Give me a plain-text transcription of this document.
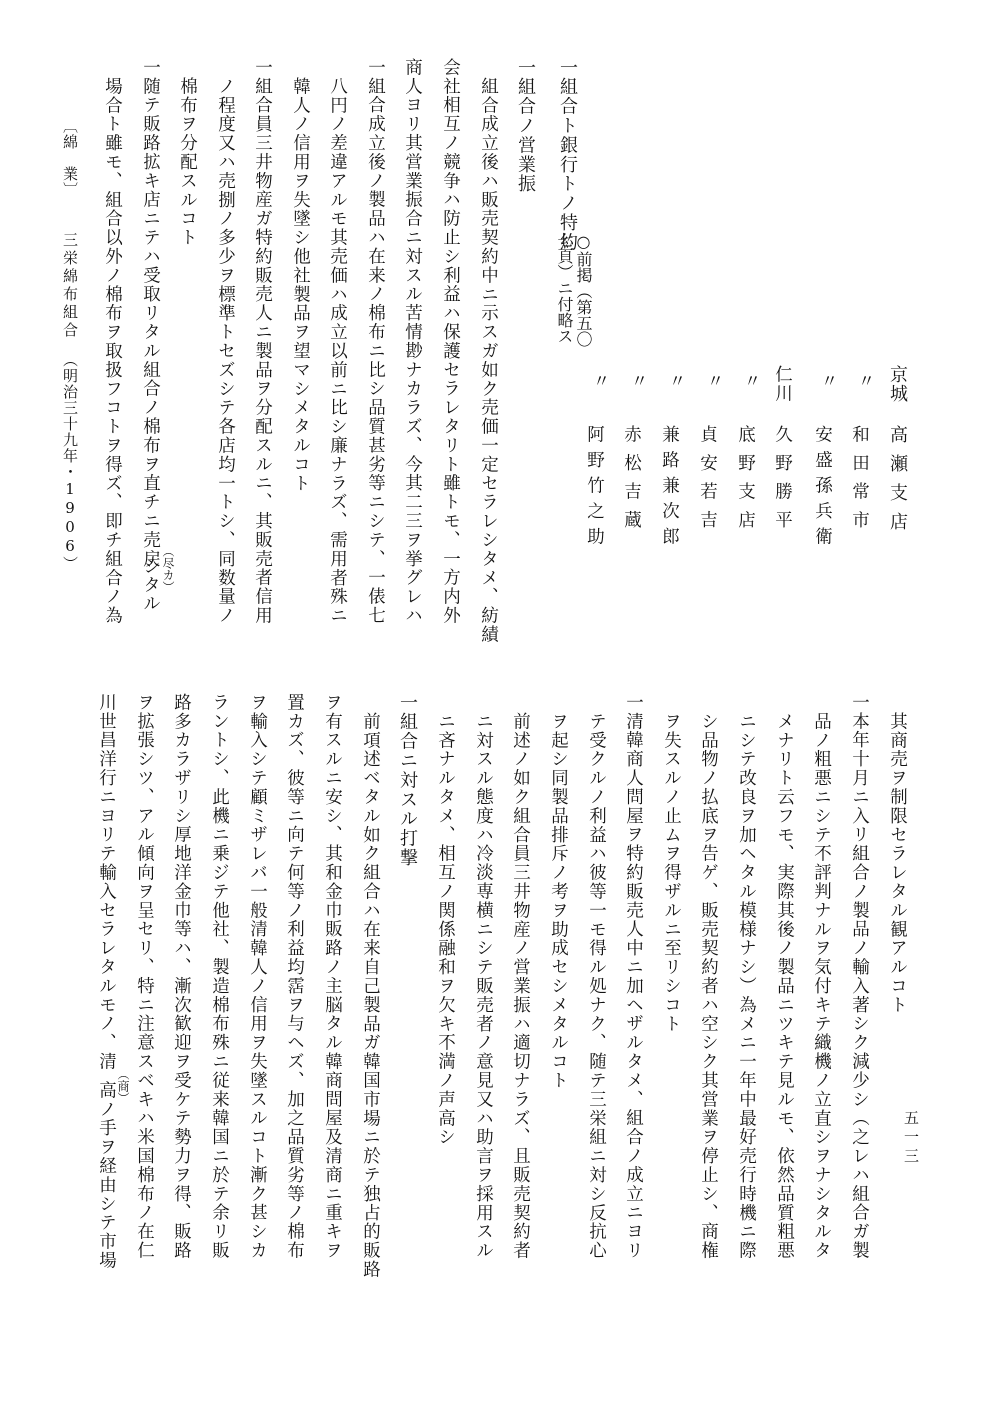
京城
高瀬支店
〃
和田常市
〃
安盛孫兵衛
仁川
久野勝平
〃
底野支店
〃
貞安若吉
〃
兼路兼次郎
〃
赤松吉蔵
〃
阿野竹之助
一組合ト銀行トノ特約
○前掲（第五〇
七頁）ニ付略ス
一組合ノ営業振
組合成立後ハ販売契約中ニ示スガ如ク売価一定セラレシタメ、紡績
会社相互ノ競争ハ防止シ利益ハ保護セラレタリト雖トモ、一方内外
商人ヨリ其営業振合ニ対スル苦情尠ナカラズ、今其二三ヲ挙グレハ
一組合成立後ノ製品ハ在来ノ棉布ニ比シ品質甚劣等ニシテ、一俵七
八円ノ差違アルモ其売価ハ成立以前ニ比シ廉ナラズ、需用者殊ニ
韓人ノ信用ヲ失墜シ他社製品ヲ望マシメタルコト
一組合員三井物産ガ特約販売人ニ製品ヲ分配スルニ、其販売者信用
ノ程度又ハ売捌ノ多少ヲ標準トセズシテ各店均一トシ、同数量ノ
棉布ヲ分配スルコト
一随テ販路拡キ店ニテハ受取リタル組合ノ棉布ヲ直チニ売戻
（尽カ）
シタル
場合ト雖モ、組合以外ノ棉布ヲ取扱フコトヲ得ズ、即チ組合ノ為
其商売ヲ制限セラレタル観アルコト
一本年十月ニ入リ組合ノ製品ノ輸入著シク減少シ（之レハ組合ガ製
品ノ粗悪ニシテ不評判ナルヲ気付キテ織機ノ立直シヲナシタルタ
メナリト云フモ、実際其後ノ製品ニツキテ見ルモ、依然品質粗悪
ニシテ改良ヲ加ヘタル模様ナシ）為メニ一年中最好売行時機ニ際
シ品物ノ払底ヲ告ゲ、販売契約者ハ空シク其営業ヲ停止シ、商権
ヲ失スルノ止ムヲ得ザルニ至リシコト
一清韓商人問屋ヲ特約販売人中ニ加ヘザルタメ、組合ノ成立ニヨリ
テ受クルノ利益ハ彼等一モ得ル処ナク、随テ三栄組ニ対シ反抗心
ヲ起シ同製品排斥ノ考ヲ助成セシメタルコト
前述ノ如ク組合員三井物産ノ営業振ハ適切ナラズ、且販売契約者
ニ対スル態度ハ冷淡専横ニシテ販売者ノ意見又ハ助言ヲ採用スル
ニ吝ナルタメ、相互ノ関係融和ヲ欠キ不満ノ声高シ
一組合ニ対スル打撃
前項述ベタル如ク組合ハ在来自己製品ガ韓国市場ニ於テ独占的販路
ヲ有スルニ安シ、其和金巾販路ノ主脳タル韓商問屋及清商ニ重キヲ
置カズ、彼等ニ向テ何等ノ利益均霑ヲ与ヘズ、加之品質劣等ノ棉布
ヲ輸入シテ顧ミザレバ一般清韓人ノ信用ヲ失墜スルコト漸ク甚シカ
ラントシ、此機ニ乗ジテ他社、製造棉布殊ニ従来韓国ニ於テ余リ販
路多カラザリシ厚地洋金巾等ハ、漸次歓迎ヲ受ケテ勢力ヲ得、販路
ヲ拡張シツ、アル傾向ヲ呈セリ、特ニ注意スベキハ米国棉布ノ在仁
川世昌洋行ニヨリテ輸入セラレタルモノ、清
（商）
高ノ手ヲ経由シテ市場	五一三
〔綿　業〕
三栄綿布組合
（明治三十九年・1906）
